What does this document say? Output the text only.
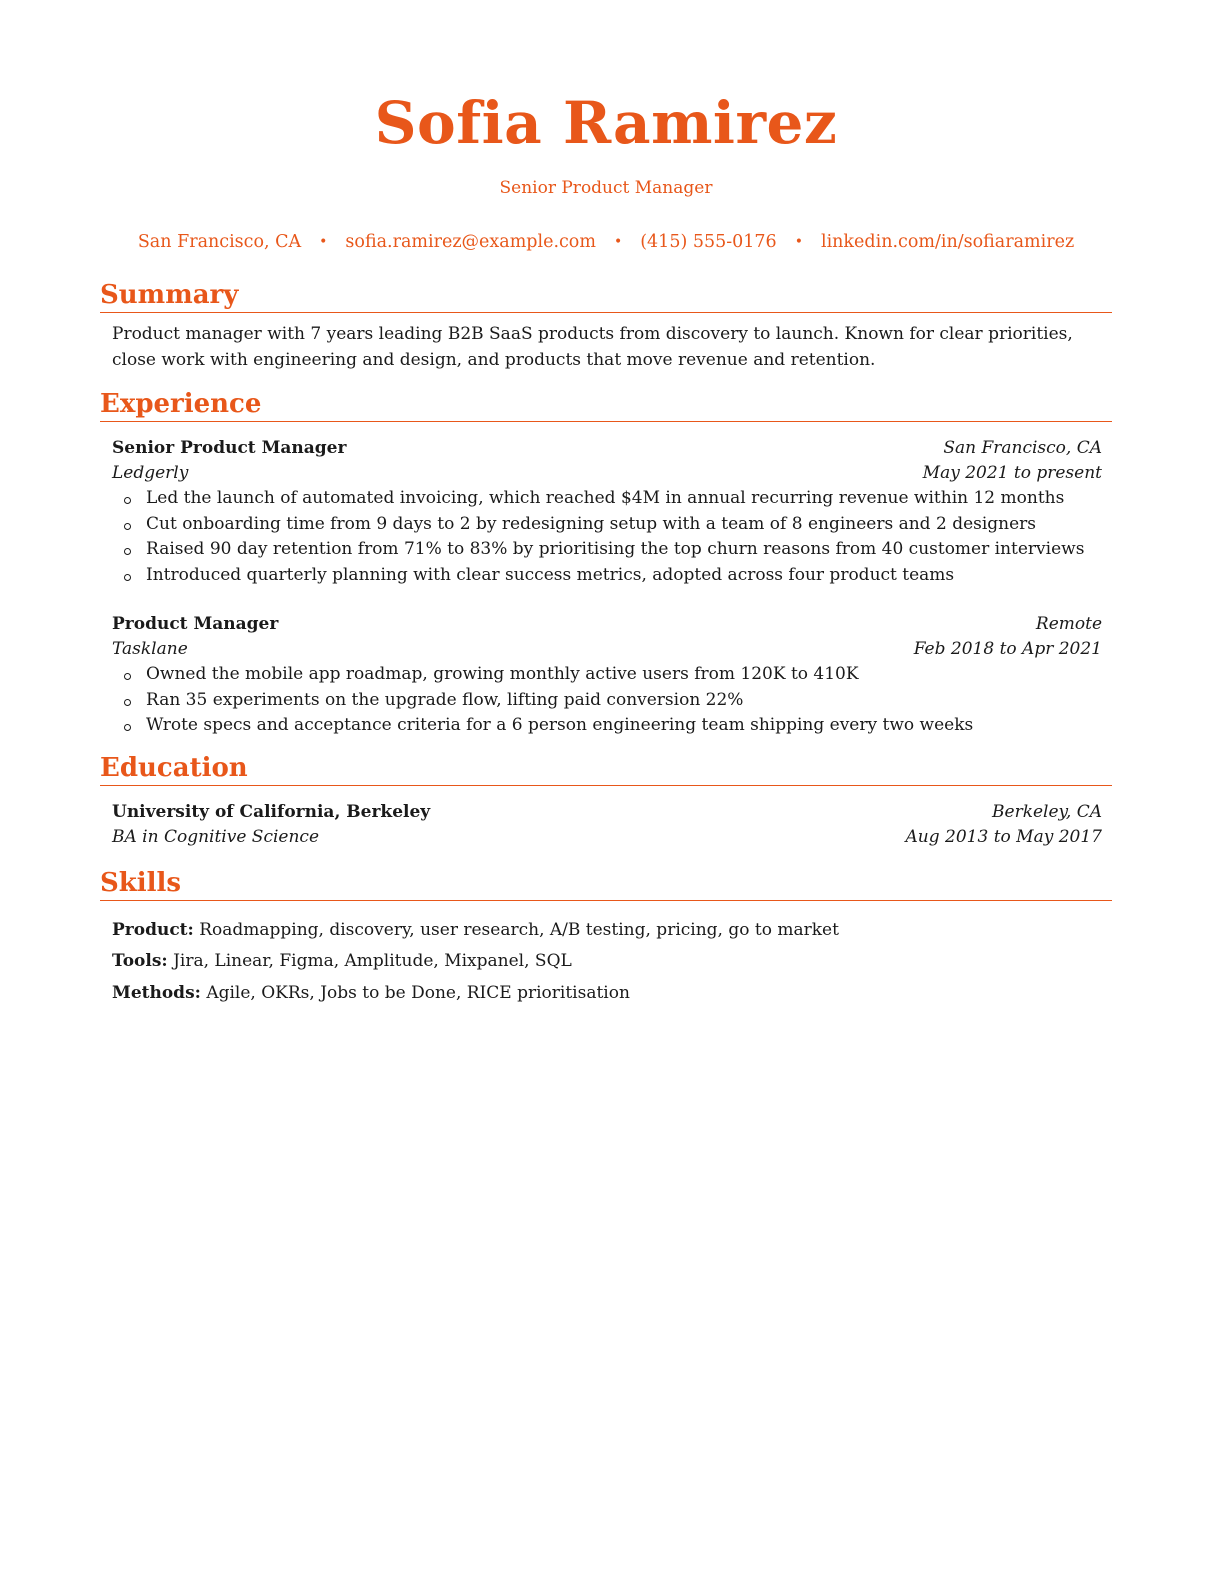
Sofia Ramirez
Senior Product Manager
San Francisco, CA • sofia.ramirez@example.com • (415) 555-0176 • linkedin.com/in/sofiaramirez
Summary
Product manager with 7 years leading B2B SaaS products from discovery to launch. Known for clear priorities, close work with engineering and design, and products that move revenue and retention.
Experience
Senior Product Manager	San Francisco, CA
Ledgerly	May 2021 to present
Led the launch of automated invoicing, which reached $4M in annual recurring revenue within 12 months
Cut onboarding time from 9 days to 2 by redesigning setup with a team of 8 engineers and 2 designers
Raised 90 day retention from 71% to 83% by prioritising the top churn reasons from 40 customer interviews
Introduced quarterly planning with clear success metrics, adopted across four product teams
Product Manager	Remote
Tasklane	Feb 2018 to Apr 2021
Owned the mobile app roadmap, growing monthly active users from 120K to 410K
Ran 35 experiments on the upgrade flow, lifting paid conversion 22%
Wrote specs and acceptance criteria for a 6 person engineering team shipping every two weeks
Education
University of California, Berkeley	Berkeley, CA
BA in Cognitive Science	Aug 2013 to May 2017
Skills
Product: Roadmapping, discovery, user research, A/B testing, pricing, go to market
Tools: Jira, Linear, Figma, Amplitude, Mixpanel, SQL
Methods: Agile, OKRs, Jobs to be Done, RICE prioritisation
